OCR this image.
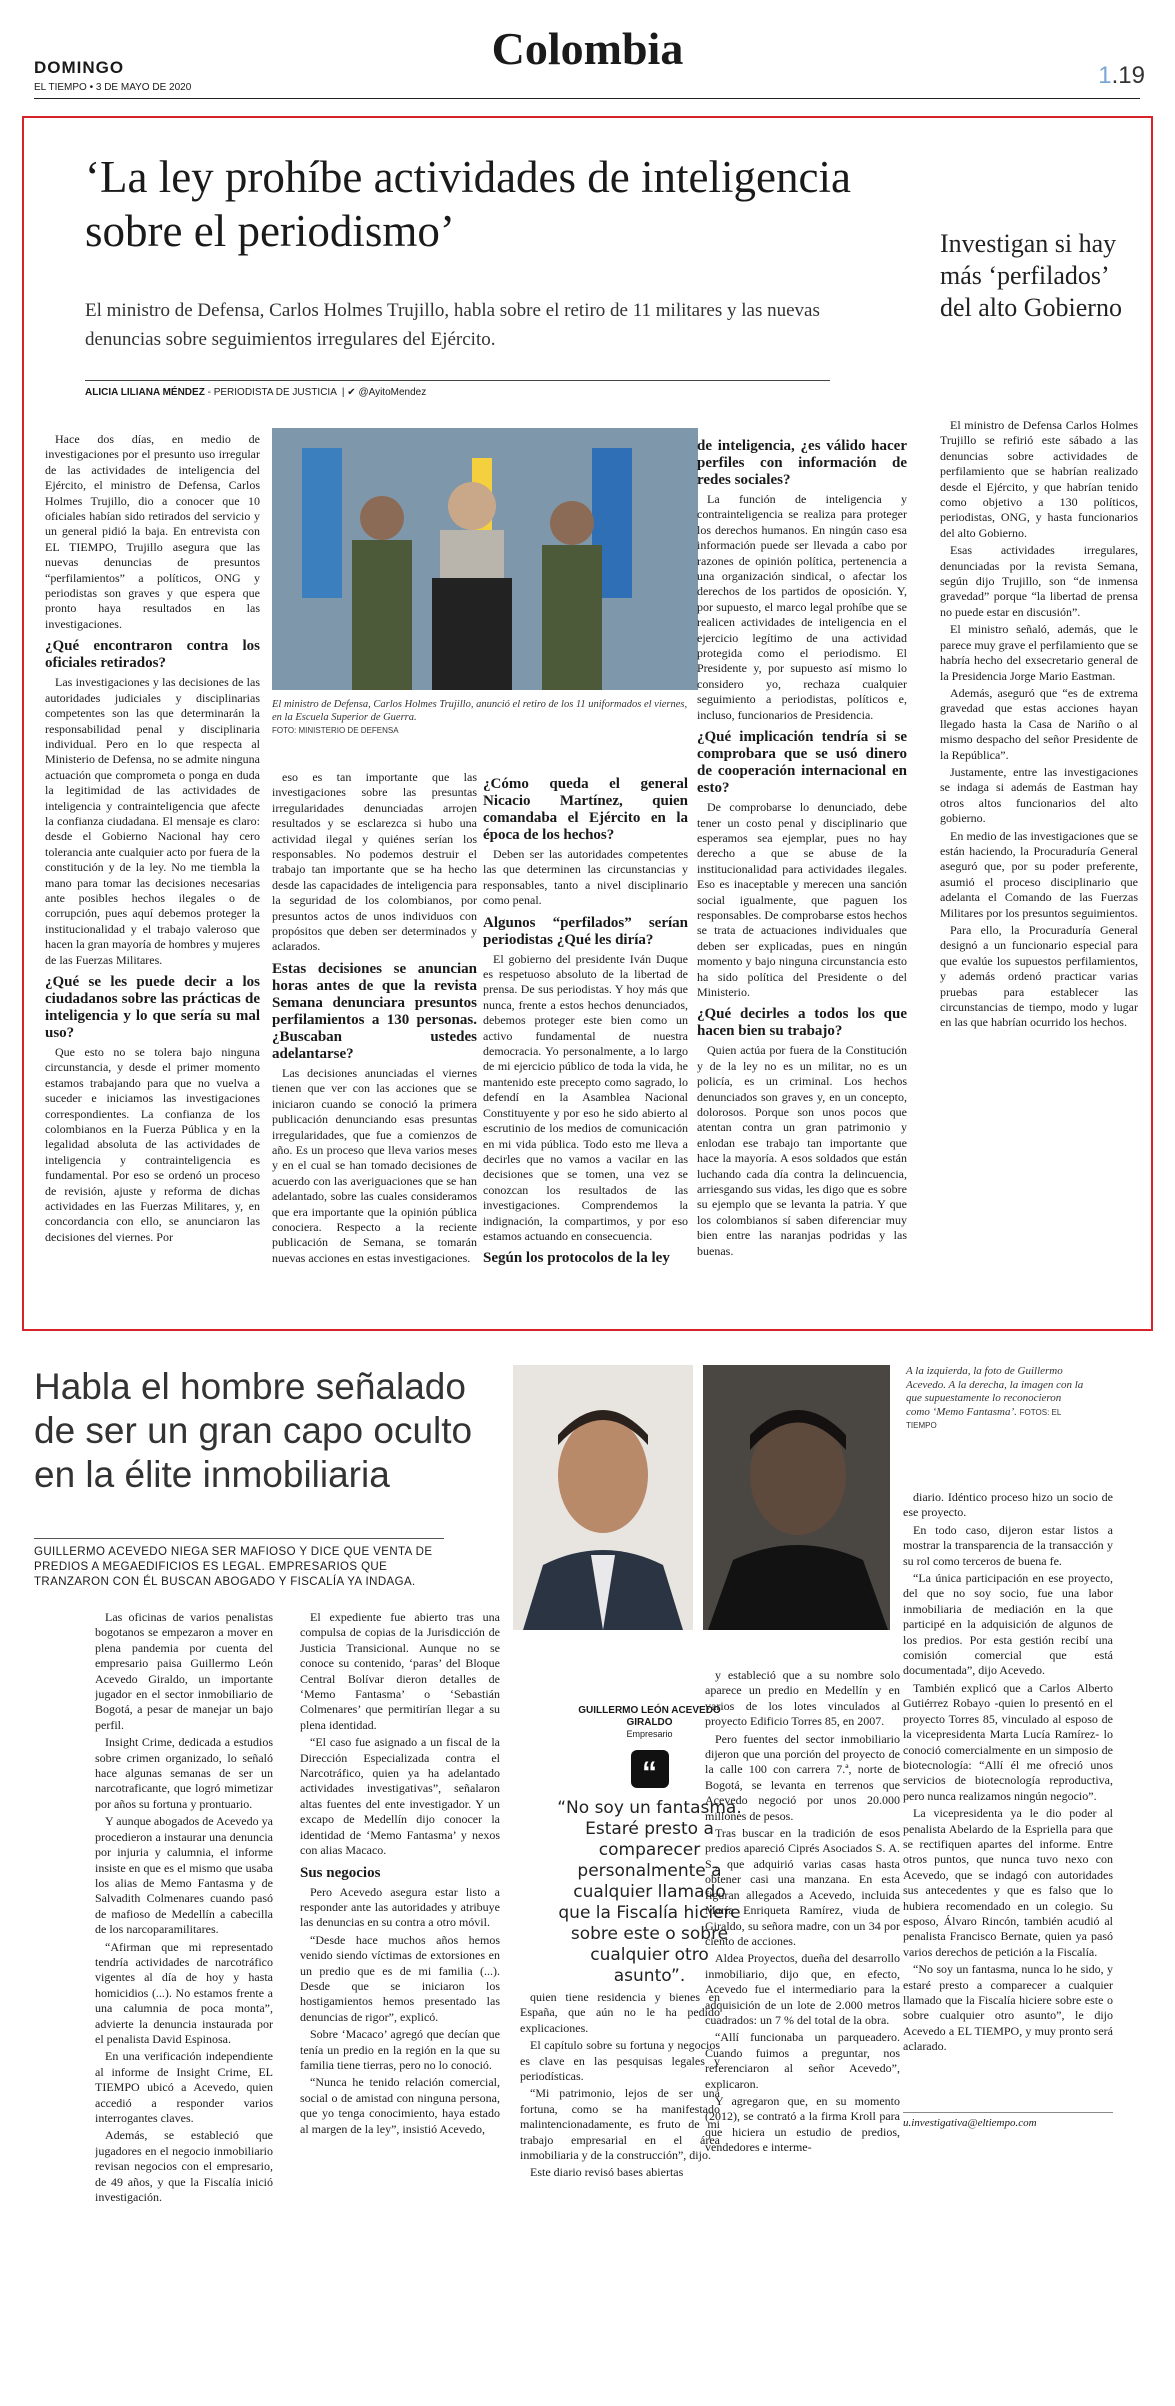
DOMINGO
EL TIEMPO • 3 DE MAYO DE 2020
Colombia
1.19
‘La ley prohíbe actividades de inteligencia sobre el periodismo’
El ministro de Defensa, Carlos Holmes Trujillo, habla sobre el retiro de 11 militares y las nuevas denuncias sobre seguimientos irregulares del Ejército.
ALICIA LILIANA MÉNDEZ - PERIODISTA DE JUSTICIA  | ✔ @AyitoMendez

Hace dos días, en medio de investigaciones por el presunto uso irregular de las actividades de inteligencia del Ejército, el ministro de Defensa, Carlos Holmes Trujillo, dio a conocer que 10 oficiales habían sido retirados del servicio y un general pidió la baja. En entrevista con EL TIEMPO, Trujillo asegura que las nuevas denuncias de presuntos “perfilamientos” a políticos, ONG y periodistas son graves y que espera que pronto haya resultados en las investigaciones.

¿Qué encontraron contra los oficiales retirados?

Las investigaciones y las decisiones de las autoridades judiciales y disciplinarias competentes son las que determinarán la responsabilidad penal y disciplinaria individual. Pero en lo que respecta al Ministerio de Defensa, no se admite ninguna actuación que comprometa o ponga en duda la legitimidad de las actividades de inteligencia y contrainteligencia que afecte la confianza ciudadana. El mensaje es claro: desde el Gobierno Nacional hay cero tolerancia ante cualquier acto por fuera de la constitución y de la ley. No me tiembla la mano para tomar las decisiones necesarias ante posibles hechos ilegales o de corrupción, pues aquí debemos proteger la institucionalidad y el trabajo valeroso que hacen la gran mayoría de hombres y mujeres de las Fuerzas Militares.

¿Qué se les puede decir a los ciudadanos sobre las prácticas de inteligencia y lo que sería su mal uso?

Que esto no se tolera bajo ninguna circunstancia, y desde el primer momento estamos trabajando para que no vuelva a suceder e iniciamos las investigaciones correspondientes. La confianza de los colombianos en la Fuerza Pública y en la legalidad absoluta de las actividades de inteligencia y contrainteligencia es fundamental. Por eso se ordenó un proceso de revisión, ajuste y reforma de dichas actividades en las Fuerzas Militares, y, en concordancia con ello, se anunciaron las decisiones del viernes. Por

El ministro de Defensa, Carlos Holmes Trujillo, anunció el retiro de los 11 uniformados el viernes, en la Escuela Superior de Guerra.
FOTO: MINISTERIO DE DEFENSA

eso es tan importante que las investigaciones sobre las presuntas irregularidades denunciadas arrojen resultados y se esclarezca si hubo una actividad ilegal y quiénes serían los responsables. No podemos destruir el trabajo tan importante que se ha hecho desde las capacidades de inteligencia para la seguridad de los colombianos, por presuntos actos de unos individuos con propósitos que deben ser determinados y aclarados.

Estas decisiones se anuncian horas antes de que la revista Semana denunciara presuntos perfilamientos a 130 personas. ¿Buscaban ustedes adelantarse?

Las decisiones anunciadas el viernes tienen que ver con las acciones que se iniciaron cuando se conoció la primera publicación denunciando esas presuntas irregularidades, que fue a comienzos de año. Es un proceso que lleva varios meses y en el cual se han tomado decisiones de acuerdo con las averiguaciones que se han adelantado, sobre las cuales consideramos que era importante que la opinión pública conociera. Respecto a la reciente publicación de Semana, se tomarán nuevas acciones en estas investigaciones.

¿Cómo queda el general Nicacio Martínez, quien comandaba el Ejército en la época de los hechos?

Deben ser las autoridades competentes las que determinen las circunstancias y responsables, tanto a nivel disciplinario como penal.

Algunos “perfilados” serían periodistas ¿Qué les diría?

El gobierno del presidente Iván Duque es respetuoso absoluto de la libertad de prensa. De sus periodistas. Y hoy más que nunca, frente a estos hechos denunciados, debemos proteger este bien como un activo fundamental de nuestra democracia. Yo personalmente, a lo largo de mi ejercicio público de toda la vida, he mantenido este precepto como sagrado, lo defendí en la Asamblea Nacional Constituyente y por eso he sido abierto al escrutinio de los medios de comunicación en mi vida pública. Todo esto me lleva a decirles que no vamos a vacilar en las decisiones que se tomen, una vez se conozcan los resultados de las investigaciones. Comprendemos la indignación, la compartimos, y por eso estamos actuando en consecuencia.

Según los protocolos de la ley
de inteligencia, ¿es válido hacer perfiles con información de redes sociales?

La función de inteligencia y contrainteligencia se realiza para proteger los derechos humanos. En ningún caso esa información puede ser llevada a cabo por razones de opinión política, pertenencia a una organización sindical, o afectar los derechos de los partidos de oposición. Y, por supuesto, el marco legal prohíbe que se realicen actividades de inteligencia en el ejercicio legítimo de una actividad protegida como el periodismo. El Presidente y, por supuesto así mismo lo considero yo, rechaza cualquier seguimiento a periodistas, políticos e, incluso, funcionarios de Presidencia.

¿Qué implicación tendría si se comprobara que se usó dinero de cooperación internacional en esto?

De comprobarse lo denunciado, debe tener un costo penal y disciplinario que esperamos sea ejemplar, pues no hay derecho a que se abuse de la institucionalidad para actividades ilegales. Eso es inaceptable y merecen una sanción social igualmente, que paguen los responsables. De comprobarse estos hechos se trata de actuaciones individuales que deben ser explicadas, pues en ningún momento y bajo ninguna circunstancia esto ha sido política del Presidente o del Ministerio.

¿Qué decirles a todos los que hacen bien su trabajo?

Quien actúa por fuera de la Constitución y de la ley no es un militar, no es un policía, es un criminal. Los hechos denunciados son graves y, en un concepto, dolorosos. Porque son unos pocos que atentan contra un gran patrimonio y enlodan ese trabajo tan importante que hace la mayoría. A esos soldados que están luchando cada día contra la delincuencia, arriesgando sus vidas, les digo que es sobre su ejemplo que se levanta la patria. Y que los colombianos sí saben diferenciar muy bien entre las naranjas podridas y las buenas.

Investigan si hay más ‘perfilados’ del alto Gobierno

El ministro de Defensa Carlos Holmes Trujillo se refirió este sábado a las denuncias sobre actividades de perfilamiento que se habrían realizado desde el Ejército, y que habrían tenido como objetivo a 130 políticos, periodistas, ONG, y hasta funcionarios del alto Gobierno.

Esas actividades irregulares, denunciadas por la revista Semana, según dijo Trujillo, son “de inmensa gravedad” porque “la libertad de prensa no puede estar en discusión”.

El ministro señaló, además, que le parece muy grave el perfilamiento que se habría hecho del exsecretario general de la Presidencia Jorge Mario Eastman.

Además, aseguró que “es de extrema gravedad que estas acciones hayan llegado hasta la Casa de Nariño o al mismo despacho del señor Presidente de la República”.

Justamente, entre las investigaciones se indaga si además de Eastman hay otros altos funcionarios del alto gobierno.

En medio de las investigaciones que se están haciendo, la Procuraduría General aseguró que, por su poder preferente, asumió el proceso disciplinario que adelanta el Comando de las Fuerzas Militares por los presuntos seguimientos.

Para ello, la Procuraduría General designó a un funcionario especial para que evalúe los supuestos perfilamientos, y además ordenó practicar varias pruebas para establecer las circunstancias de tiempo, modo y lugar en las que habrían ocurrido los hechos.

Habla el hombre señalado de ser un gran capo oculto en la élite inmobiliaria
GUILLERMO ACEVEDO NIEGA SER MAFIOSO Y DICE QUE VENTA DE PREDIOS A MEGAEDIFICIOS ES LEGAL. EMPRESARIOS QUE TRANZARON CON ÉL BUSCAN ABOGADO Y FISCALÍA YA INDAGA.
A la izquierda, la foto de Guillermo Acevedo. A la derecha, la imagen con la que supuestamente lo reconocieron como ‘Memo Fantasma’. FOTOS: EL TIEMPO

Las oficinas de varios penalistas bogotanos se empezaron a mover en plena pandemia por cuenta del empresario paisa Guillermo León Acevedo Giraldo, un importante jugador en el sector inmobiliario de Bogotá, a pesar de manejar un bajo perfil.

Insight Crime, dedicada a estudios sobre crimen organizado, lo señaló hace algunas semanas de ser un narcotraficante, que logró mimetizar por años su fortuna y prontuario.

Y aunque abogados de Acevedo ya procedieron a instaurar una denuncia por injuria y calumnia, el informe insiste en que es el mismo que usaba los alias de Memo Fantasma y de Salvadith Colmenares cuando pasó de mafioso de Medellín a cabecilla de los narcoparamilitares.

“Afirman que mi representado tendría actividades de narcotráfico vigentes al día de hoy y hasta homicidios (...). No estamos frente a una calumnia de poca monta”, advierte la denuncia instaurada por el penalista David Espinosa.

En una verificación independiente al informe de Insight Crime, EL TIEMPO ubicó a Acevedo, quien accedió a responder varios interrogantes claves.

Además, se estableció que jugadores en el negocio inmobiliario revisan negocios con el empresario, de 49 años, y que la Fiscalía inició investigación.

El expediente fue abierto tras una compulsa de copias de la Jurisdicción de Justicia Transicional. Aunque no se conoce su contenido, ‘paras’ del Bloque Central Bolívar dieron detalles de ‘Memo Fantasma’ o ‘Sebastián Colmenares’ que permitirían llegar a su plena identidad.

“El caso fue asignado a un fiscal de la Dirección Especializada contra el Narcotráfico, quien ya ha adelantado actividades investigativas”, señalaron altas fuentes del ente investigador. Y un excapo de Medellín dijo conocer la identidad de ‘Memo Fantasma’ y nexos con alias Macaco.

Sus negocios

Pero Acevedo asegura estar listo a responder ante las autoridades y atribuye las denuncias en su contra a otro móvil.

“Desde hace muchos años hemos venido siendo víctimas de extorsiones en un predio que es de mi familia (...). Desde que se iniciaron los hostigamientos hemos presentado las denuncias de rigor”, explicó.

Sobre ‘Macaco’ agregó que decían que tenía un predio en la región en la que su familia tiene tierras, pero no lo conoció.

“Nunca he tenido relación comercial, social o de amistad con ninguna persona, que yo tenga conocimiento, haya estado al margen de la ley”, insistió Acevedo,

GUILLERMO LEÓN ACEVEDO GIRALDO
Empresario
“
“No soy un fantasma. Estaré presto a comparecer personalmente a cualquier llamado que la Fiscalía hiciere sobre este o sobre cualquier otro asunto”.

quien tiene residencia y bienes en España, que aún no le ha pedido explicaciones.

El capítulo sobre su fortuna y negocios es clave en las pesquisas legales y periodísticas.

“Mi patrimonio, lejos de ser una fortuna, como se ha manifestado malintencionadamente, es fruto de mi trabajo empresarial en el área inmobiliaria y de la construcción”, dijo.

Este diario revisó bases abiertas

y estableció que a su nombre solo aparece un predio en Medellín y en varios de los lotes vinculados al proyecto Edificio Torres 85, en 2007.

Pero fuentes del sector inmobiliario dijeron que una porción del proyecto de la calle 100 con carrera 7.ª, norte de Bogotá, se levanta en terrenos que Acevedo negoció por unos 20.000 millones de pesos.

Tras buscar en la tradición de esos predios apareció Ciprés Asociados S. A. S., que adquirió varias casas hasta obtener casi una manzana. En esta figuran allegados a Acevedo, incluida María Enriqueta Ramírez, viuda de Giraldo, su señora madre, con un 34 por ciento de acciones.

Aldea Proyectos, dueña del desarrollo inmobiliario, dijo que, en efecto, Acevedo fue el intermediario para la adquisición de un lote de 2.000 metros cuadrados: un 7 % del total de la obra.

“Allí funcionaba un parqueadero. Cuando fuimos a preguntar, nos referenciaron al señor Acevedo”, explicaron.

Y agregaron que, en su momento (2012), se contrató a la firma Kroll para que hiciera un estudio de predios, vendedores e interme-

diario. Idéntico proceso hizo un socio de ese proyecto.

En todo caso, dijeron estar listos a mostrar la transparencia de la transacción y su rol como terceros de buena fe.

“La única participación en ese proyecto, del que no soy socio, fue una labor inmobiliaria de mediación en la que participé en la adquisición de algunos de los predios. Por esta gestión recibí una comisión comercial que está documentada”, dijo Acevedo.

También explicó que a Carlos Alberto Gutiérrez Robayo -quien lo presentó en el proyecto Torres 85, vinculado al esposo de la vicepresidenta Marta Lucía Ramírez- lo conoció comercialmente en un simposio de biotecnología: “Allí él me ofreció unos servicios de biotecnología reproductiva, pero nunca realizamos ningún negocio”.

La vicepresidenta ya le dio poder al penalista Abelardo de la Espriella para que se rectifiquen apartes del informe. Entre otros puntos, que nunca tuvo nexo con Acevedo, que se indagó con autoridades sus antecedentes y que es falso que lo hubiera recomendado en un colegio. Su esposo, Álvaro Rincón, también acudió al penalista Francisco Bernate, quien ya pasó varios derechos de petición a la Fiscalía.

“No soy un fantasma, nunca lo he sido, y estaré presto a comparecer a cualquier llamado que la Fiscalía hiciere sobre este o sobre cualquier otro asunto”, le dijo Acevedo a EL TIEMPO, y muy pronto será aclarado.

u.investigativa@eltiempo.com
